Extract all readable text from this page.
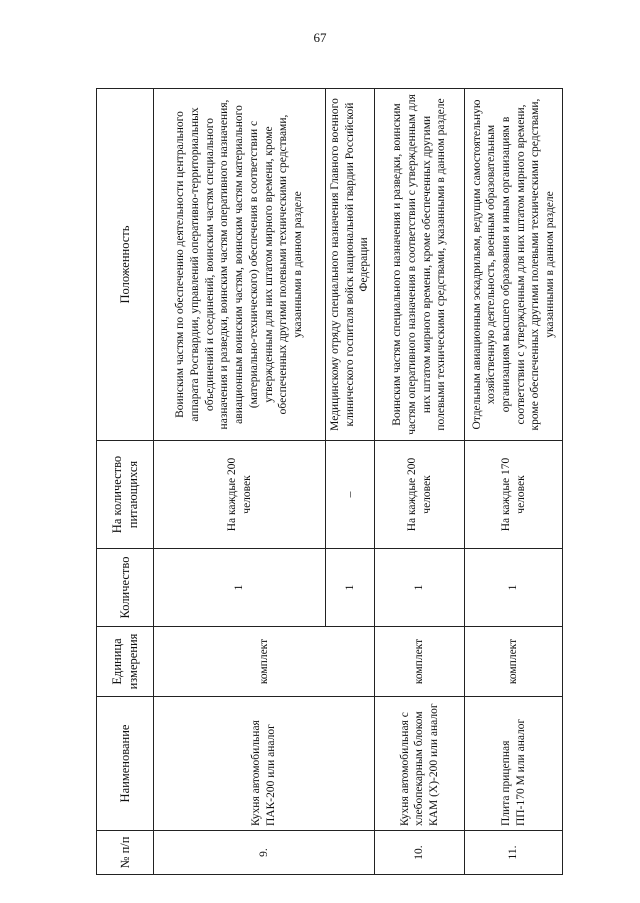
67
№ п/п	Наименование	Единица измерения	Количество	На количество питающихся	Положенность
9.	Кухня автомобильная ПАК-200 или аналог	комплект	1	На каждые 200 человек	Воинским частям по обеспечению деятельности центрального аппарата Росгвардии, управлений оперативно-территориальных объединений и соединений, воинским частям специального назначения и разведки, воинским частям оперативного назначения, авиационным воинским частям, воинским частям материального (материально-технического) обеспечения в соответствии с утвержденным для них штатом мирного времени, кроме обеспеченных другими полевыми техническими средствами, указанными в данном разделе
			1	–	Медицинскому отряду специального назначения Главного военного клинического госпиталя войск национальной гвардии Российской Федерации
10.	Кухня автомобильная с хлебопекарным блоком КАМ (Х)-200 или аналог	комплект	1	На каждые 200 человек	Воинским частям специального назначения и разведки, воинским частям оперативного назначения в соответствии с утвержденным для них штатом мирного времени, кроме обеспеченных другими полевыми техническими средствами, указанными в данном разделе
11.	Плита прицепная ПП-170 М или аналог	комплект	1	На каждые 170 человек	Отдельным авиационным эскадрильям, ведущим самостоятельную хозяйственную деятельность, военным образовательным организациям высшего образования и иным организациям в соответствии с утвержденным для них штатом мирного времени, кроме обеспеченных другими полевыми техническими средствами, указанными в данном разделе
